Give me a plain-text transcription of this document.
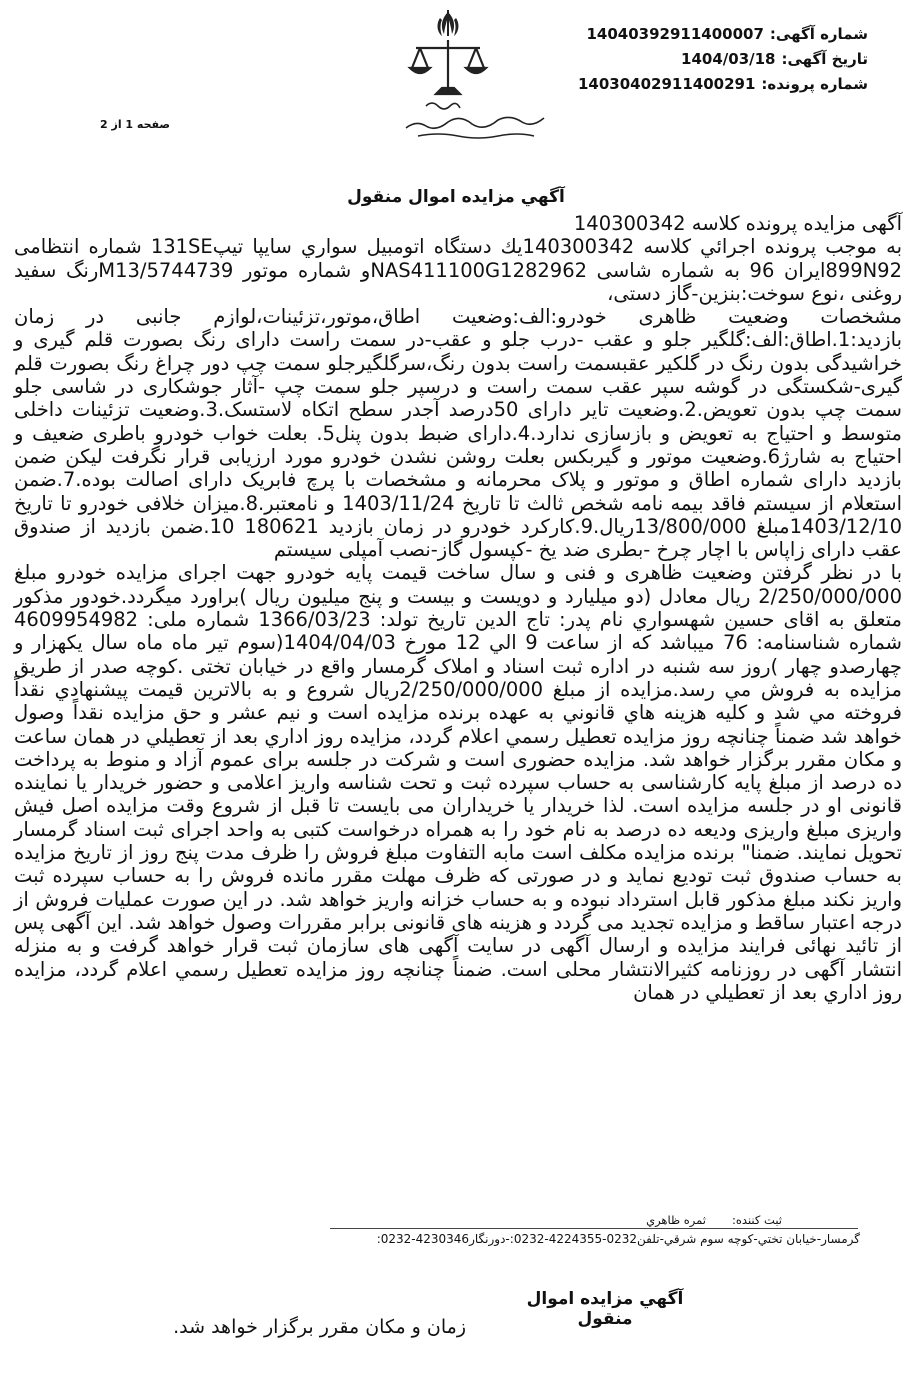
شماره آگهی:14040392911400007
تاریخ آگهی:1404/03/18
شماره پرونده:14030402911400291
صفحه 1 از 2
آگهي مزايده اموال منقول

آگهی مزایده پرونده کلاسه 140300342

به موجب پرونده اجرائي كلاسه 140300342يك دستگاه اتومبيل سواري سايپا تيپ131SE شماره انتظامی 899N92ایران 96 به شماره شاسی NAS411100G1282962و شماره موتور M13/5744739رنگ سفید روغنی ،نوع سوخت:بنزین-گاز دستی،

مشخصات وضعیت ظاهری خودرو:الف:وضعیت اطاق،موتور،تزئینات،لوازم جانبی در زمان بازدید:1.اطاق:الف:گلگیر جلو و عقب -درب جلو و عقب-در سمت راست دارای رنگ بصورت قلم گیری و خراشیدگی بدون رنگ در گلکیر عقبسمت راست بدون رنگ،سرگلگیرجلو سمت چپ دور چراغ رنگ بصورت قلم گیری-شکستگی در گوشه سپر عقب سمت راست و درسپر جلو سمت چپ -آثار جوشکاری در شاسی جلو سمت چپ بدون تعویض.2.وضعیت تایر دارای 50درصد آجدر سطح اتکاه لاستسک.3.وضعیت تزئینات داخلی متوسط و احتیاج به تعویض و بازسازی ندارد.4.دارای ضبط بدون پنل5. بعلت خواب خودرو باطری ضعیف و احتیاج به شارژ6.وضعیت موتور و گیربکس بعلت روشن نشدن خودرو مورد ارزیابی قرار نگرفت لیکن ضمن بازدید دارای شماره اطاق و موتور و پلاک محرمانه و مشخصات با پرچ فابریک دارای اصالت بوده.7.ضمن استعلام از سیستم فاقد بیمه نامه شخص ثالث تا تاریخ 1403/11/24 و نامعتبر.8.میزان خلافی خودرو تا تاریخ 1403/12/10مبلغ 13/800/000ریال.9.کارکرد خودرو در زمان بازدید 180621 10.ضمن بازدید از صندوق عقب دارای زاپاس با اچار چرخ -بطری ضد یخ -کپسول گاز-نصب آمپلی سیستم

با در نظر گرفتن وضعیت ظاهری و فنی و سال ساخت قیمت پایه خودرو جهت اجرای مزایده خودرو مبلغ 2/250/000/000 ريال معادل (دو میلیارد و دویست و بیست و پنج میلیون ریال )براورد میگردد.خودور مذکور متعلق به اقای حسين شهسواري نام پدر: تاج الدين تاریخ تولد: 1366/03/23 شماره ملی: 4609954982 شماره شناسنامه: 76 میباشد که از ساعت 9 الي 12 مورخ 1404/04/03(سوم تیر ماه ماه سال یکهزار و چهارصدو چهار )روز سه شنبه در اداره ثبت اسناد و املاک گرمسار واقع در خیابان تختی .کوچه صدر از طريق مزايده به فروش مي رسد.مزايده از مبلغ 2/250/000/000ريال شروع و به بالاترين قيمت پيشنهادي نقداً فروخته مي شد و كليه هزينه هاي قانوني به عهده برنده مزايده است و نيم عشر و حق مزايده نقداً وصول خواهد شد ضمناً چنانچه روز مزايده تعطيل رسمي اعلام گردد، مزايده روز اداري بعد از تعطيلي در همان ساعت و مكان مقرر برگزار خواهد شد. مزایده حضوری است و شرکت در جلسه برای عموم آزاد و منوط به پرداخت ده درصد از مبلغ پایه کارشناسی به حساب سپرده ثبت و تحت شناسه واریز اعلامی و حضور خریدار یا نماینده قانونی او در جلسه مزایده است. لذا خریدار یا خریداران می بایست تا قبل از شروع وقت مزایده اصل فیش واریزی مبلغ واریزی ودیعه ده درصد به نام خود را به همراه درخواست کتبی به واحد اجرای ثبت اسناد گرمسار تحویل نمایند. ضمنا" برنده مزایده مکلف است مابه التفاوت مبلغ فروش را ظرف مدت پنج روز از تاریخ مزایده به حساب صندوق ثبت تودیع نماید و در صورتی که ظرف مهلت مقرر مانده فروش را به حساب سپرده ثبت واریز نکند مبلغ مذکور قابل استرداد نبوده و به حساب خزانه واریز خواهد شد. در این صورت عملیات فروش از درجه اعتبار ساقط و مزایده تجدید می گردد و هزینه های قانونی برابر مقررات وصول خواهد شد. این آگهی پس از تائید نهائی فرایند مزایده و ارسال آگهی در سایت آگهی های سازمان ثبت قرار خواهد گرفت و به منزله انتشار آگهی در روزنامه کثیرالانتشار محلی است. ضمناً چنانچه روز مزايده تعطيل رسمي اعلام گردد، مزايده روز اداري بعد از تعطيلي در همان

ثبت كننده:ثمره ظاهري
گرمسار-خيابان تختي-كوچه سوم شرقي-تلفن0232-4224355-0232:-دورنگار4230346-0232:
آگهي مزايده اموال منقول
زمان و مكان مقرر برگزار خواهد شد.
